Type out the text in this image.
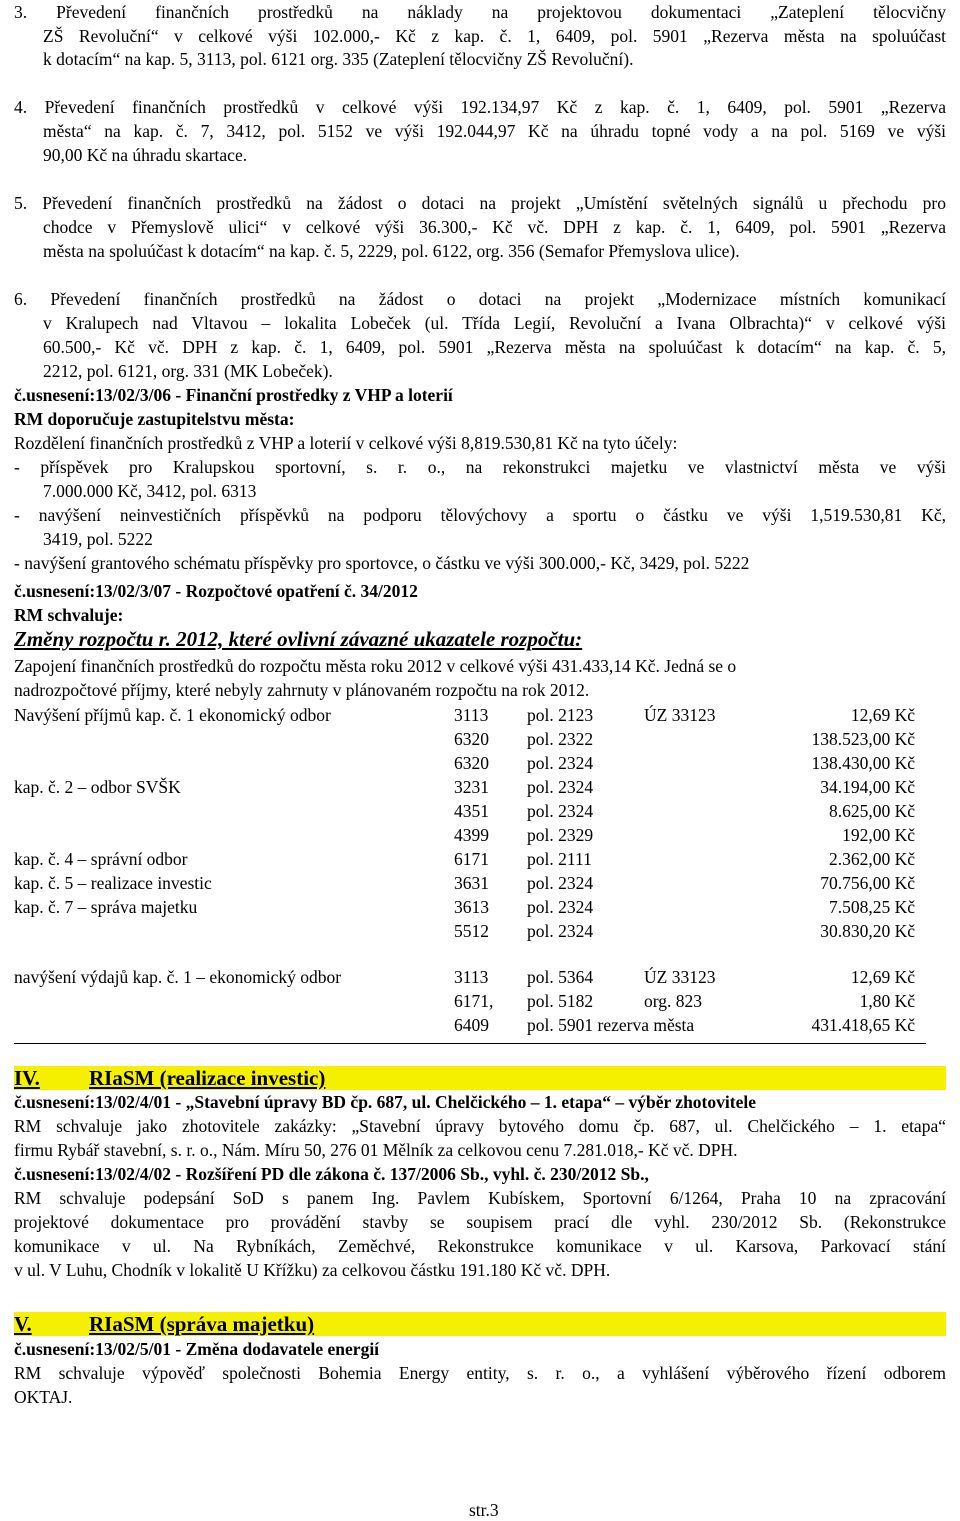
3. Převedení finančních prostředků na náklady na projektovou dokumentaci „Zateplení tělocvičny
ZŠ Revoluční“ v celkové výši 102.000,- Kč z kap. č. 1, 6409, pol. 5901 „Rezerva města na spoluúčast
k dotacím“ na kap. 5, 3113, pol. 6121 org. 335 (Zateplení tělocvičny ZŠ Revoluční).
4. Převedení finančních prostředků v celkové výši 192.134,97 Kč z kap. č. 1, 6409, pol. 5901 „Rezerva
města“ na kap. č. 7, 3412, pol. 5152 ve výši 192.044,97 Kč na úhradu topné vody a na pol. 5169 ve výši
90,00 Kč na úhradu skartace.
5. Převedení finančních prostředků na žádost o dotaci na projekt „Umístění světelných signálů u přechodu pro
chodce v Přemyslově ulici“ v celkové výši 36.300,- Kč vč. DPH z kap. č. 1, 6409, pol. 5901 „Rezerva
města na spoluúčast k dotacím“ na kap. č. 5, 2229, pol. 6122, org. 356 (Semafor Přemyslova ulice).
6. Převedení finančních prostředků na žádost o dotaci na projekt „Modernizace místních komunikací
v Kralupech nad Vltavou – lokalita Lobeček (ul. Třída Legií, Revoluční a Ivana Olbrachta)“ v celkové výši
60.500,- Kč vč. DPH z kap. č. 1, 6409, pol. 5901 „Rezerva města na spoluúčast k dotacím“ na kap. č. 5,
2212, pol. 6121, org. 331 (MK Lobeček).
č.usnesení:13/02/3/06 - Finanční prostředky z VHP a loterií
RM doporučuje zastupitelstvu města:
Rozdělení finančních prostředků z VHP a loterií v celkové výši 8,819.530,81 Kč na tyto účely:
- příspěvek pro Kralupskou sportovní, s. r. o., na rekonstrukci majetku ve vlastnictví města ve výši
7.000.000 Kč, 3412, pol. 6313
- navýšení neinvestičních příspěvků na podporu tělovýchovy a sportu o částku ve výši 1,519.530,81 Kč,
3419, pol. 5222
- navýšení grantového schématu příspěvky pro sportovce, o částku ve výši 300.000,- Kč, 3429, pol. 5222
č.usnesení:13/02/3/07 - Rozpočtové opatření č. 34/2012
RM schvaluje:
Změny rozpočtu r. 2012, které ovlivní závazné ukazatele rozpočtu:
Zapojení finančních prostředků do rozpočtu města roku 2012 v celkové výši 431.433,14 Kč. Jedná se o
nadrozpočtové příjmy, které nebyly zahrnuty v plánovaném rozpočtu na rok 2012.
Navýšení příjmů kap. č. 1 ekonomický odbor	3113 pol. 2123	ÚZ 33123	12,69 Kč
6320 pol. 2322	138.523,00 Kč
6320 pol. 2324	138.430,00 Kč
kap. č. 2 – odbor SVŠK	3231 pol. 2324	34.194,00 Kč
4351 pol. 2324	8.625,00 Kč
4399 pol. 2329	192,00 Kč
kap. č. 4 – správní odbor	6171 pol. 2111	2.362,00 Kč
kap. č. 5 – realizace investic	3631 pol. 2324	70.756,00 Kč
kap. č. 7 – správa majetku	3613 pol. 2324	7.508,25 Kč
5512 pol. 2324	30.830,20 Kč
navýšení výdajů kap. č. 1 – ekonomický odbor	3113 pol. 5364	ÚZ 33123	12,69 Kč
6171, pol. 5182	org. 823	1,80 Kč
6409 pol. 5901 rezerva města	431.418,65 Kč
IV. RIaSM (realizace investic)
č.usnesení:13/02/4/01 - „Stavební úpravy BD čp. 687, ul. Chelčického – 1. etapa“ – výběr zhotovitele
RM schvaluje jako zhotovitele zakázky: „Stavební úpravy bytového domu čp. 687, ul. Chelčického – 1. etapa“
firmu Rybář stavební, s. r. o., Nám. Míru 50, 276 01 Mělník za celkovou cenu 7.281.018,- Kč vč. DPH.
č.usnesení:13/02/4/02 - Rozšíření PD dle zákona č. 137/2006 Sb., vyhl. č. 230/2012 Sb.,
RM schvaluje podepsání SoD s panem Ing. Pavlem Kubískem, Sportovní 6/1264, Praha 10 na zpracování
projektové dokumentace pro provádění stavby se soupisem prací dle vyhl. 230/2012 Sb. (Rekonstrukce
komunikace v ul. Na Rybníkách, Zeměchvé, Rekonstrukce komunikace v ul. Karsova, Parkovací stání
v ul. V Luhu, Chodník v lokalitě U Křížku) za celkovou částku 191.180 Kč vč. DPH.
V.	RIaSM (správa majetku)
č.usnesení:13/02/5/01 - Změna dodavatele energií
RM schvaluje výpověď společnosti Bohemia Energy entity, s. r. o., a vyhlášení výběrového řízení odborem
OKTAJ.
str.3
